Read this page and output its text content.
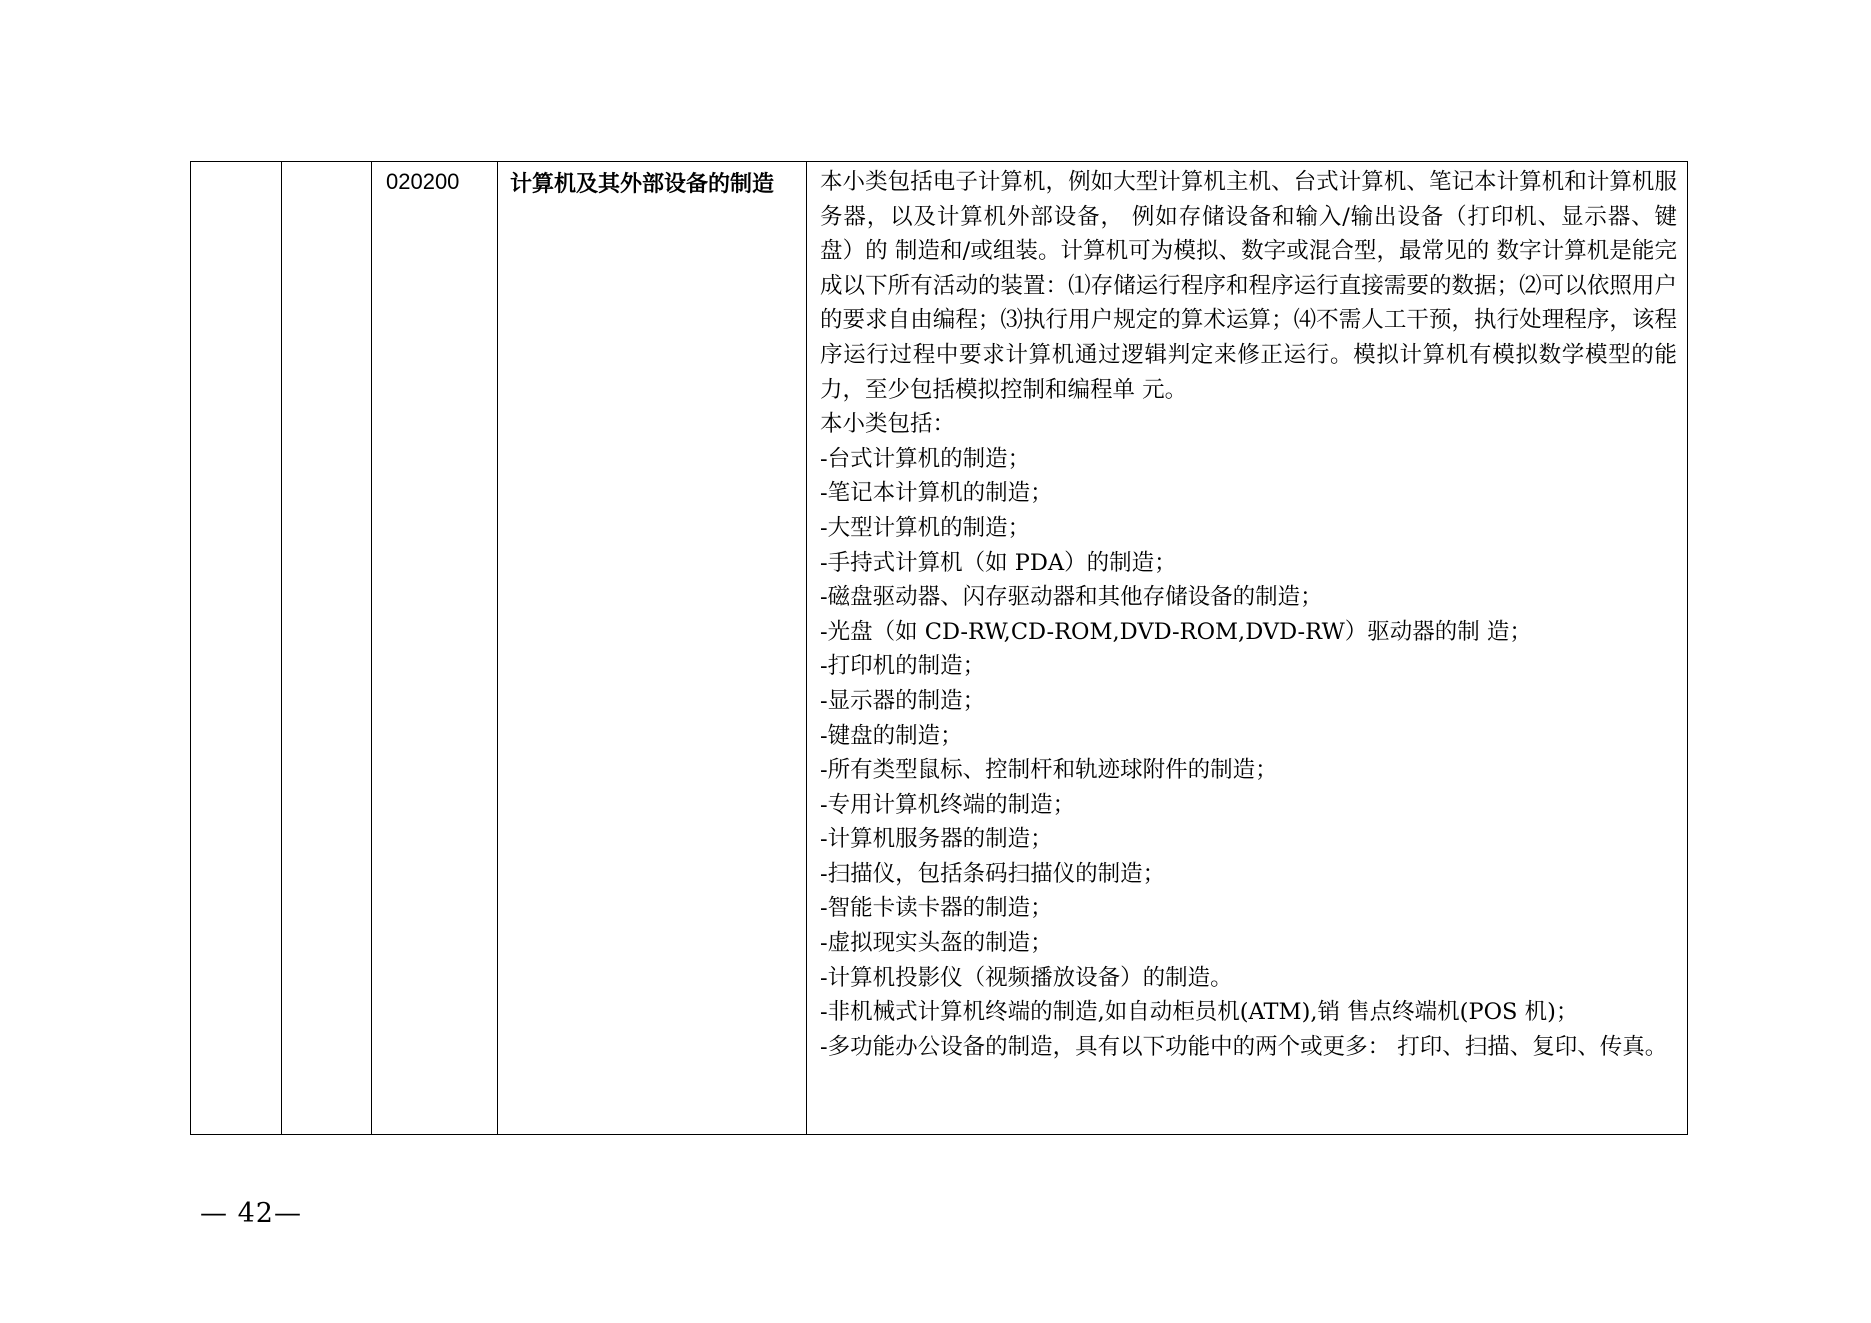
		020200	计算机及其外部设备的制造	本小类包括电子计算机，例如大型计算机主机、台式计算机、笔记本计算机和计算机服务器，以及计算机外部设备， 例如存储设备和输入/输出设备（打印机、显示器、键盘）的 制造和/或组装。计算机可为模拟、数字或混合型，最常见的 数字计算机是能完成以下所有活动的装置：⑴存储运行程序和程序运行直接需要的数据；⑵可以依照用户的要求自由编程；⑶执行用户规定的算术运算；⑷不需人工干预，执行处理程序，该程序运行过程中要求计算机通过逻辑判定来修正运行。模拟计算机有模拟数学模型的能力，至少包括模拟控制和编程单 元。

本小类包括：

-台式计算机的制造；

-笔记本计算机的制造；

-大型计算机的制造；

-手持式计算机（如 PDA）的制造；

-磁盘驱动器、闪存驱动器和其他存储设备的制造；

-光盘（如 CD-RW,CD-ROM,DVD-ROM,DVD-RW）驱动器的制 造；

-打印机的制造；

-显示器的制造；

-键盘的制造；

-所有类型鼠标、控制杆和轨迹球附件的制造；

-专用计算机终端的制造；

-计算机服务器的制造；

-扫描仪，包括条码扫描仪的制造；

-智能卡读卡器的制造；

-虚拟现实头盔的制造；

-计算机投影仪（视频播放设备）的制造。

-非机械式计算机终端的制造,如自动柜员机(ATM),销 售点终端机(POS 机)；

-多功能办公设备的制造，具有以下功能中的两个或更多： 打印、扫描、复印、传真。

— 42—
